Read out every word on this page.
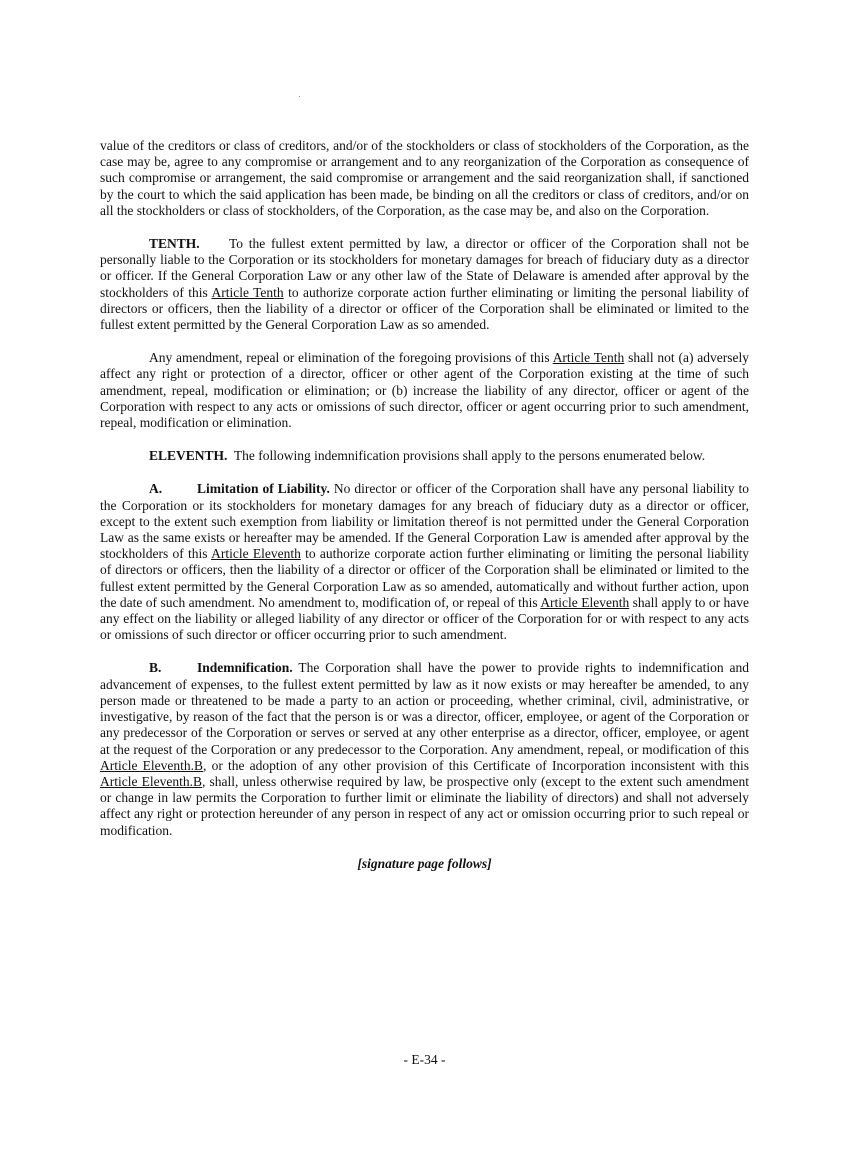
value of the creditors or class of creditors, and/or of the stockholders or class of stockholders of the Corporation, as the case may be, agree to any compromise or arrangement and to any reorganization of the Corporation as consequence of such compromise or arrangement, the said compromise or arrangement and the said reorganization shall, if sanctioned by the court to which the said application has been made, be binding on all the creditors or class of creditors, and/or on all the stockholders or class of stockholders, of the Corporation, as the case may be, and also on the Corporation.

TENTH. To the fullest extent permitted by law, a director or officer of the Corporation shall not be personally liable to the Corporation or its stockholders for monetary damages for breach of fiduciary duty as a director or officer. If the General Corporation Law or any other law of the State of Delaware is amended after approval by the stockholders of this Article Tenth to authorize corporate action further eliminating or limiting the personal liability of directors or officers, then the liability of a director or officer of the Corporation shall be eliminated or limited to the fullest extent permitted by the General Corporation Law as so amended.

Any amendment, repeal or elimination of the foregoing provisions of this Article Tenth shall not (a) adversely affect any right or protection of a director, officer or other agent of the Corporation existing at the time of such amendment, repeal, modification or elimination; or (b) increase the liability of any director, officer or agent of the Corporation with respect to any acts or omissions of such director, officer or agent occurring prior to such amendment, repeal, modification or elimination.

ELEVENTH. The following indemnification provisions shall apply to the persons enumerated below.

A.	Limitation of Liability. No director or officer of the Corporation shall have any personal liability to the Corporation or its stockholders for monetary damages for any breach of fiduciary duty as a director or officer, except to the extent such exemption from liability or limitation thereof is not permitted under the General Corporation Law as the same exists or hereafter may be amended. If the General Corporation Law is amended after approval by the stockholders of this Article Eleventh to authorize corporate action further eliminating or limiting the personal liability of directors or officers, then the liability of a director or officer of the Corporation shall be eliminated or limited to the fullest extent permitted by the General Corporation Law as so amended, automatically and without further action, upon the date of such amendment. No amendment to, modification of, or repeal of this Article Eleventh shall apply to or have any effect on the liability or alleged liability of any director or officer of the Corporation for or with respect to any acts or omissions of such director or officer occurring prior to such amendment.

B.	Indemnification. The Corporation shall have the power to provide rights to indemnification and advancement of expenses, to the fullest extent permitted by law as it now exists or may hereafter be amended, to any person made or threatened to be made a party to an action or proceeding, whether criminal, civil, administrative, or investigative, by reason of the fact that the person is or was a director, officer, employee, or agent of the Corporation or any predecessor of the Corporation or serves or served at any other enterprise as a director, officer, employee, or agent at the request of the Corporation or any predecessor to the Corporation. Any amendment, repeal, or modification of this Article Eleventh.B, or the adoption of any other provision of this Certificate of Incorporation inconsistent with this Article Eleventh.B, shall, unless otherwise required by law, be prospective only (except to the extent such amendment or change in law permits the Corporation to further limit or eliminate the liability of directors) and shall not adversely affect any right or protection hereunder of any person in respect of any act or omission occurring prior to such repeal or modification.

[signature page follows]

- E-34 -
